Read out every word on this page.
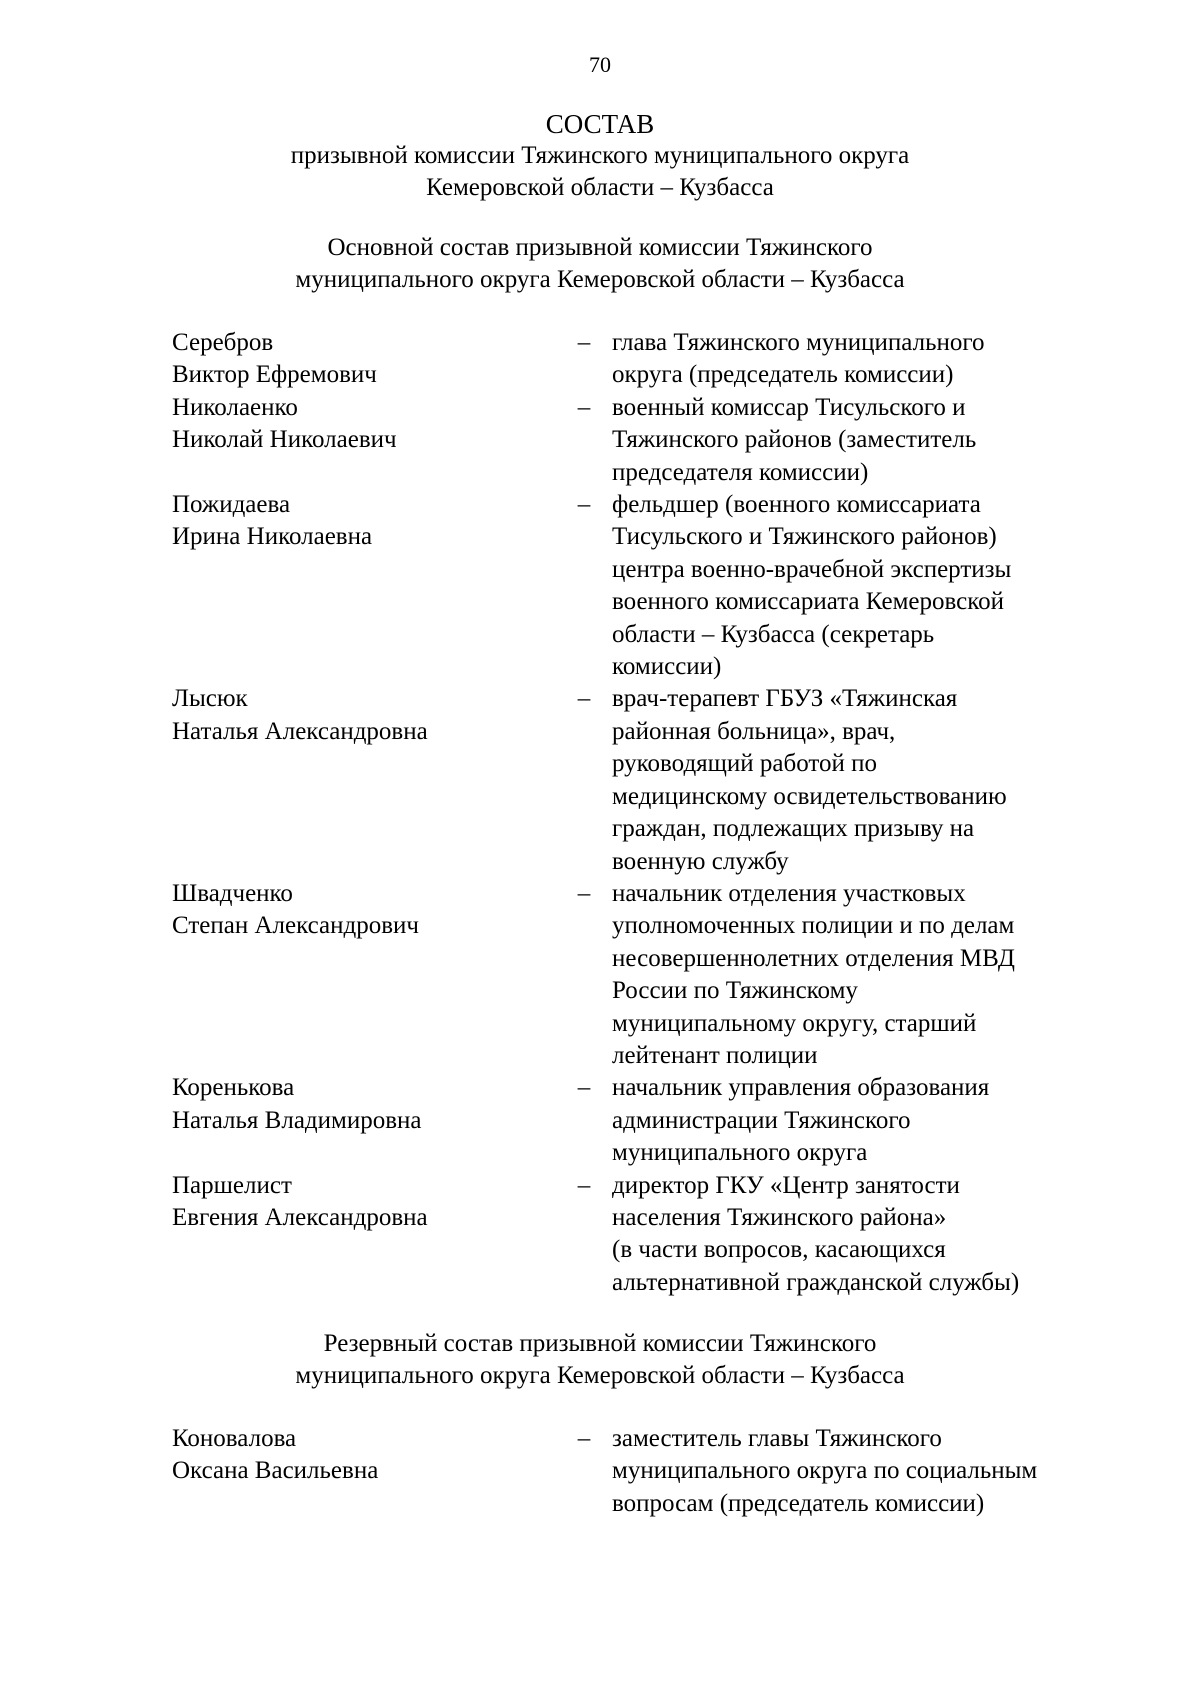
70
СОСТАВ
призывной комиссии Тяжинского муниципального округа
Кемеровской области – Кузбасса
Основной состав призывной комиссии Тяжинского
муниципального округа Кемеровской области – Кузбасса
Серебров
Виктор Ефремович
– глава Тяжинского муниципального
округа (председатель комиссии)
Николаенко
Николай Николаевич
– военный комиссар Тисульского и
Тяжинского районов (заместитель
председателя комиссии)
Пожидаева
Ирина Николаевна
– фельдшер (военного комиссариата
Тисульского и Тяжинского районов)
центра военно-врачебной экспертизы
военного комиссариата Кемеровской
области – Кузбасса (секретарь
комиссии)
Лысюк
Наталья Александровна
– врач-терапевт ГБУЗ «Тяжинская
районная больница», врач,
руководящий работой по
медицинскому освидетельствованию
граждан, подлежащих призыву на
военную службу
Швадченко
Степан Александрович
– начальник отделения участковых
уполномоченных полиции и по делам
несовершеннолетних отделения МВД
России по Тяжинскому
муниципальному округу, старший
лейтенант полиции
Коренькова
Наталья Владимировна
– начальник управления образования
администрации Тяжинского
муниципального округа
Паршелист
Евгения Александровна
– директор ГКУ «Центр занятости
населения Тяжинского района»
(в части вопросов, касающихся
альтернативной гражданской службы)
Резервный состав призывной комиссии Тяжинского
муниципального округа Кемеровской области – Кузбасса
Коновалова
Оксана Васильевна
– заместитель главы Тяжинского
муниципального округа по социальным
вопросам (председатель комиссии)
